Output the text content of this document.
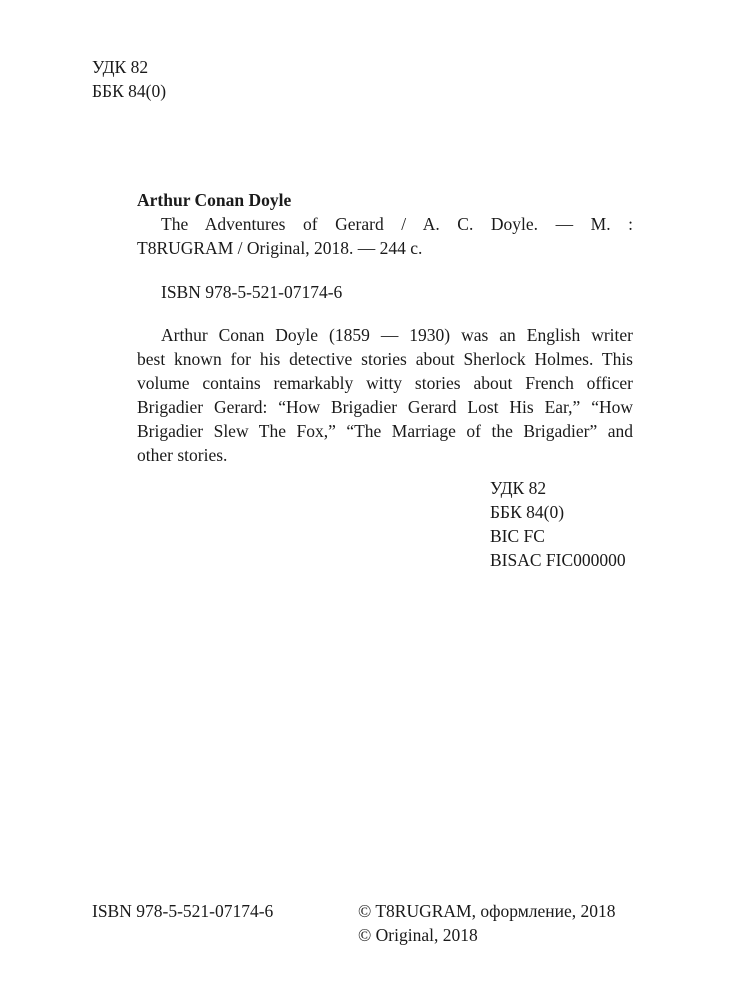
УДК 82
ББК 84(0)
Arthur Conan Doyle
The Adventures of Gerard / A. C. Doyle. — M. :
T8RUGRAM / Original, 2018. — 244 с.
ISBN 978-5-521-07174-6
Arthur Conan Doyle (1859 — 1930) was an English writer
best known for his detective stories about Sherlock Holmes. This
volume contains remarkably witty stories about French officer
Brigadier Gerard: “How Brigadier Gerard Lost His Ear,” “How
Brigadier Slew The Fox,” “The Marriage of the Brigadier” and
other stories.
УДК 82
ББК 84(0)
BIC FC
BISAC FIC000000
ISBN 978-5-521-07174-6	© T8RUGRAM, оформление, 2018
© Original, 2018
